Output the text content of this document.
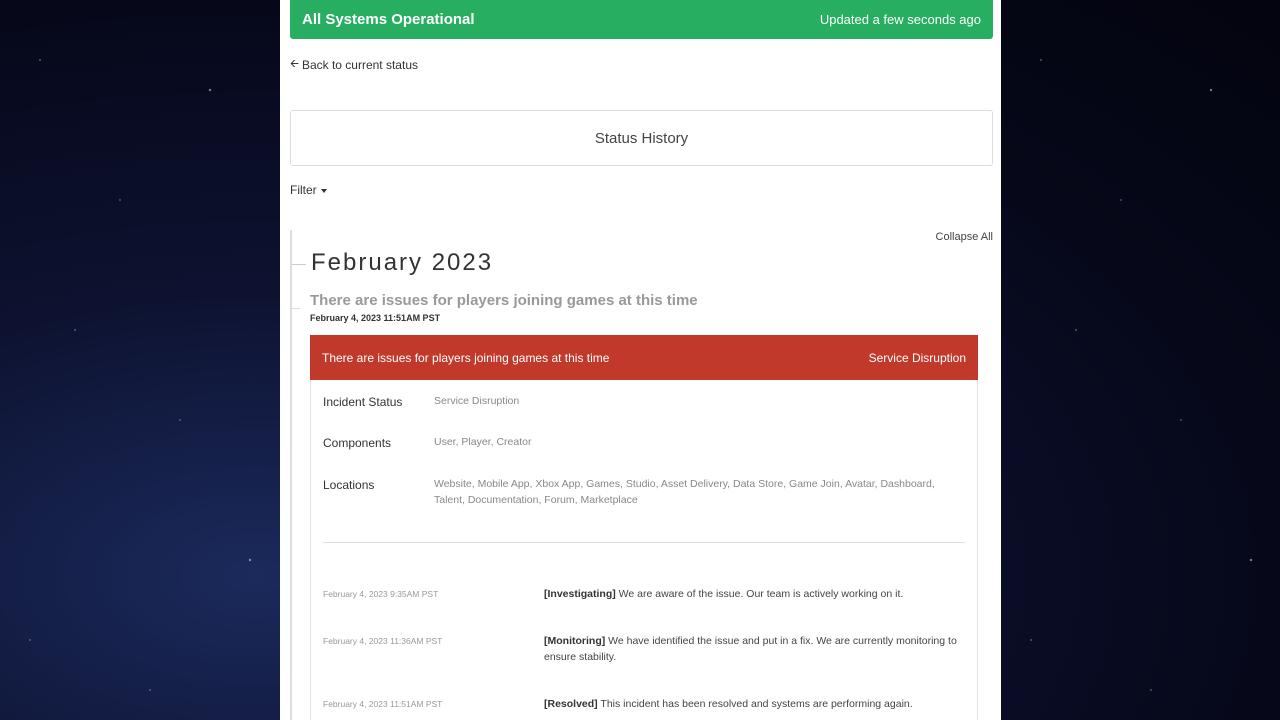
All Systems Operational	Updated a few seconds ago
🡨 Back to current status
Status History
Filter
Collapse All
February 2023
There are issues for players joining games at this time
February 4, 2023 11:51AM PST
There are issues for players joining games at this time	Service Disruption
Incident Status	Service Disruption
Components	User, Player, Creator
Locations	Website, Mobile App, Xbox App, Games, Studio, Asset Delivery, Data Store, Game Join, Avatar, Dashboard, Talent, Documentation, Forum, Marketplace
February 4, 2023 9:35AM PST	[Investigating] We are aware of the issue. Our team is actively working on it.
February 4, 2023 11:36AM PST	[Monitoring] We have identified the issue and put in a fix. We are currently monitoring to ensure stability.
February 4, 2023 11:51AM PST	[Resolved] This incident has been resolved and systems are performing again.
